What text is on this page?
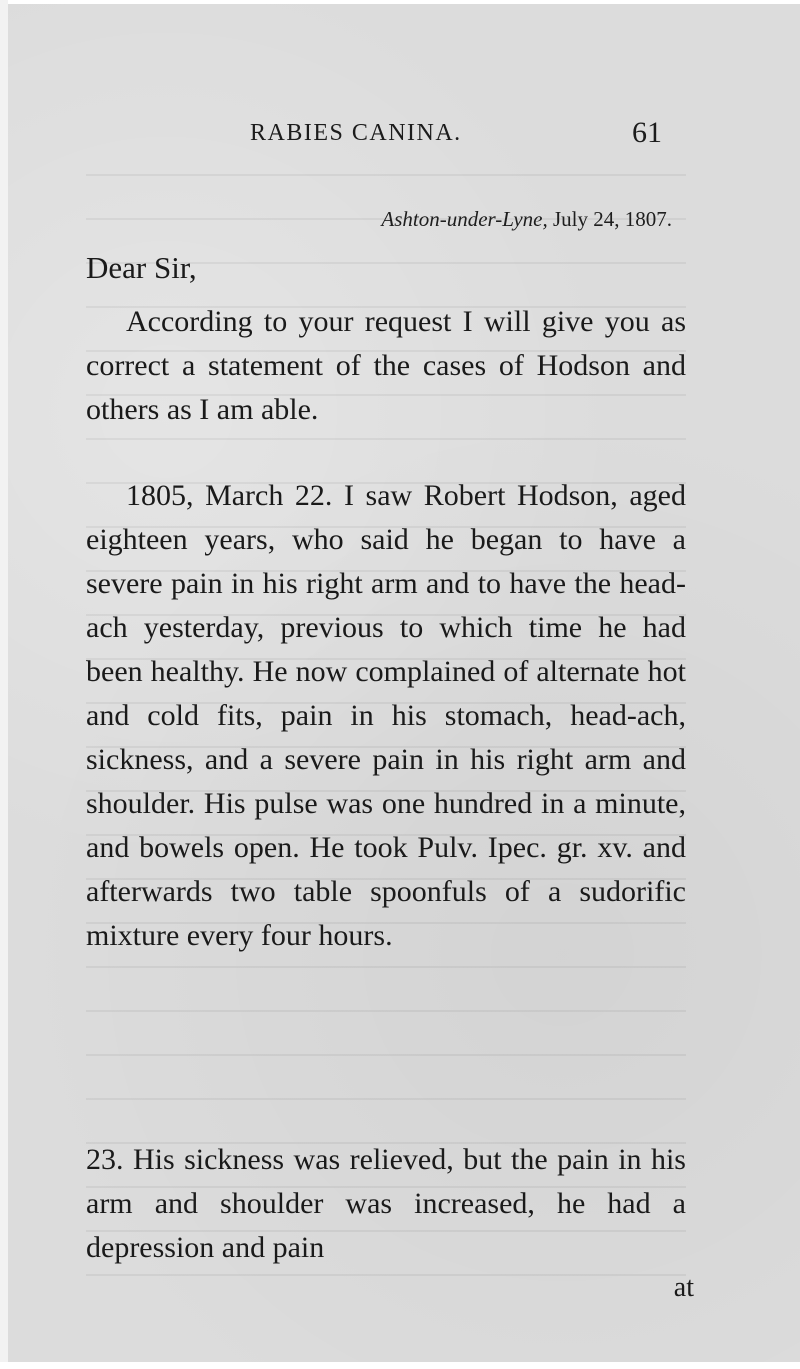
RABIES CANINA.	61
Ashton-under-Lyne, July 24, 1807.
Dear Sir,

According to your request I will give you as correct a statement of the cases of Hodson and others as I am able.

1805, March 22. I saw Robert Hodson, aged eighteen years, who said he began to have a severe pain in his right arm and to have the head-ach yesterday, previous to which time he had been healthy. He now complained of alternate hot and cold fits, pain in his stomach, head-ach, sickness, and a severe pain in his right arm and shoulder. His pulse was one hundred in a minute, and bowels open. He took Pulv. Ipec. gr. xv. and afterwards two table spoonfuls of a sudorific mixture every four hours.

23. His sickness was relieved, but the pain in his arm and shoulder was increased, he had a depression and pain

at
